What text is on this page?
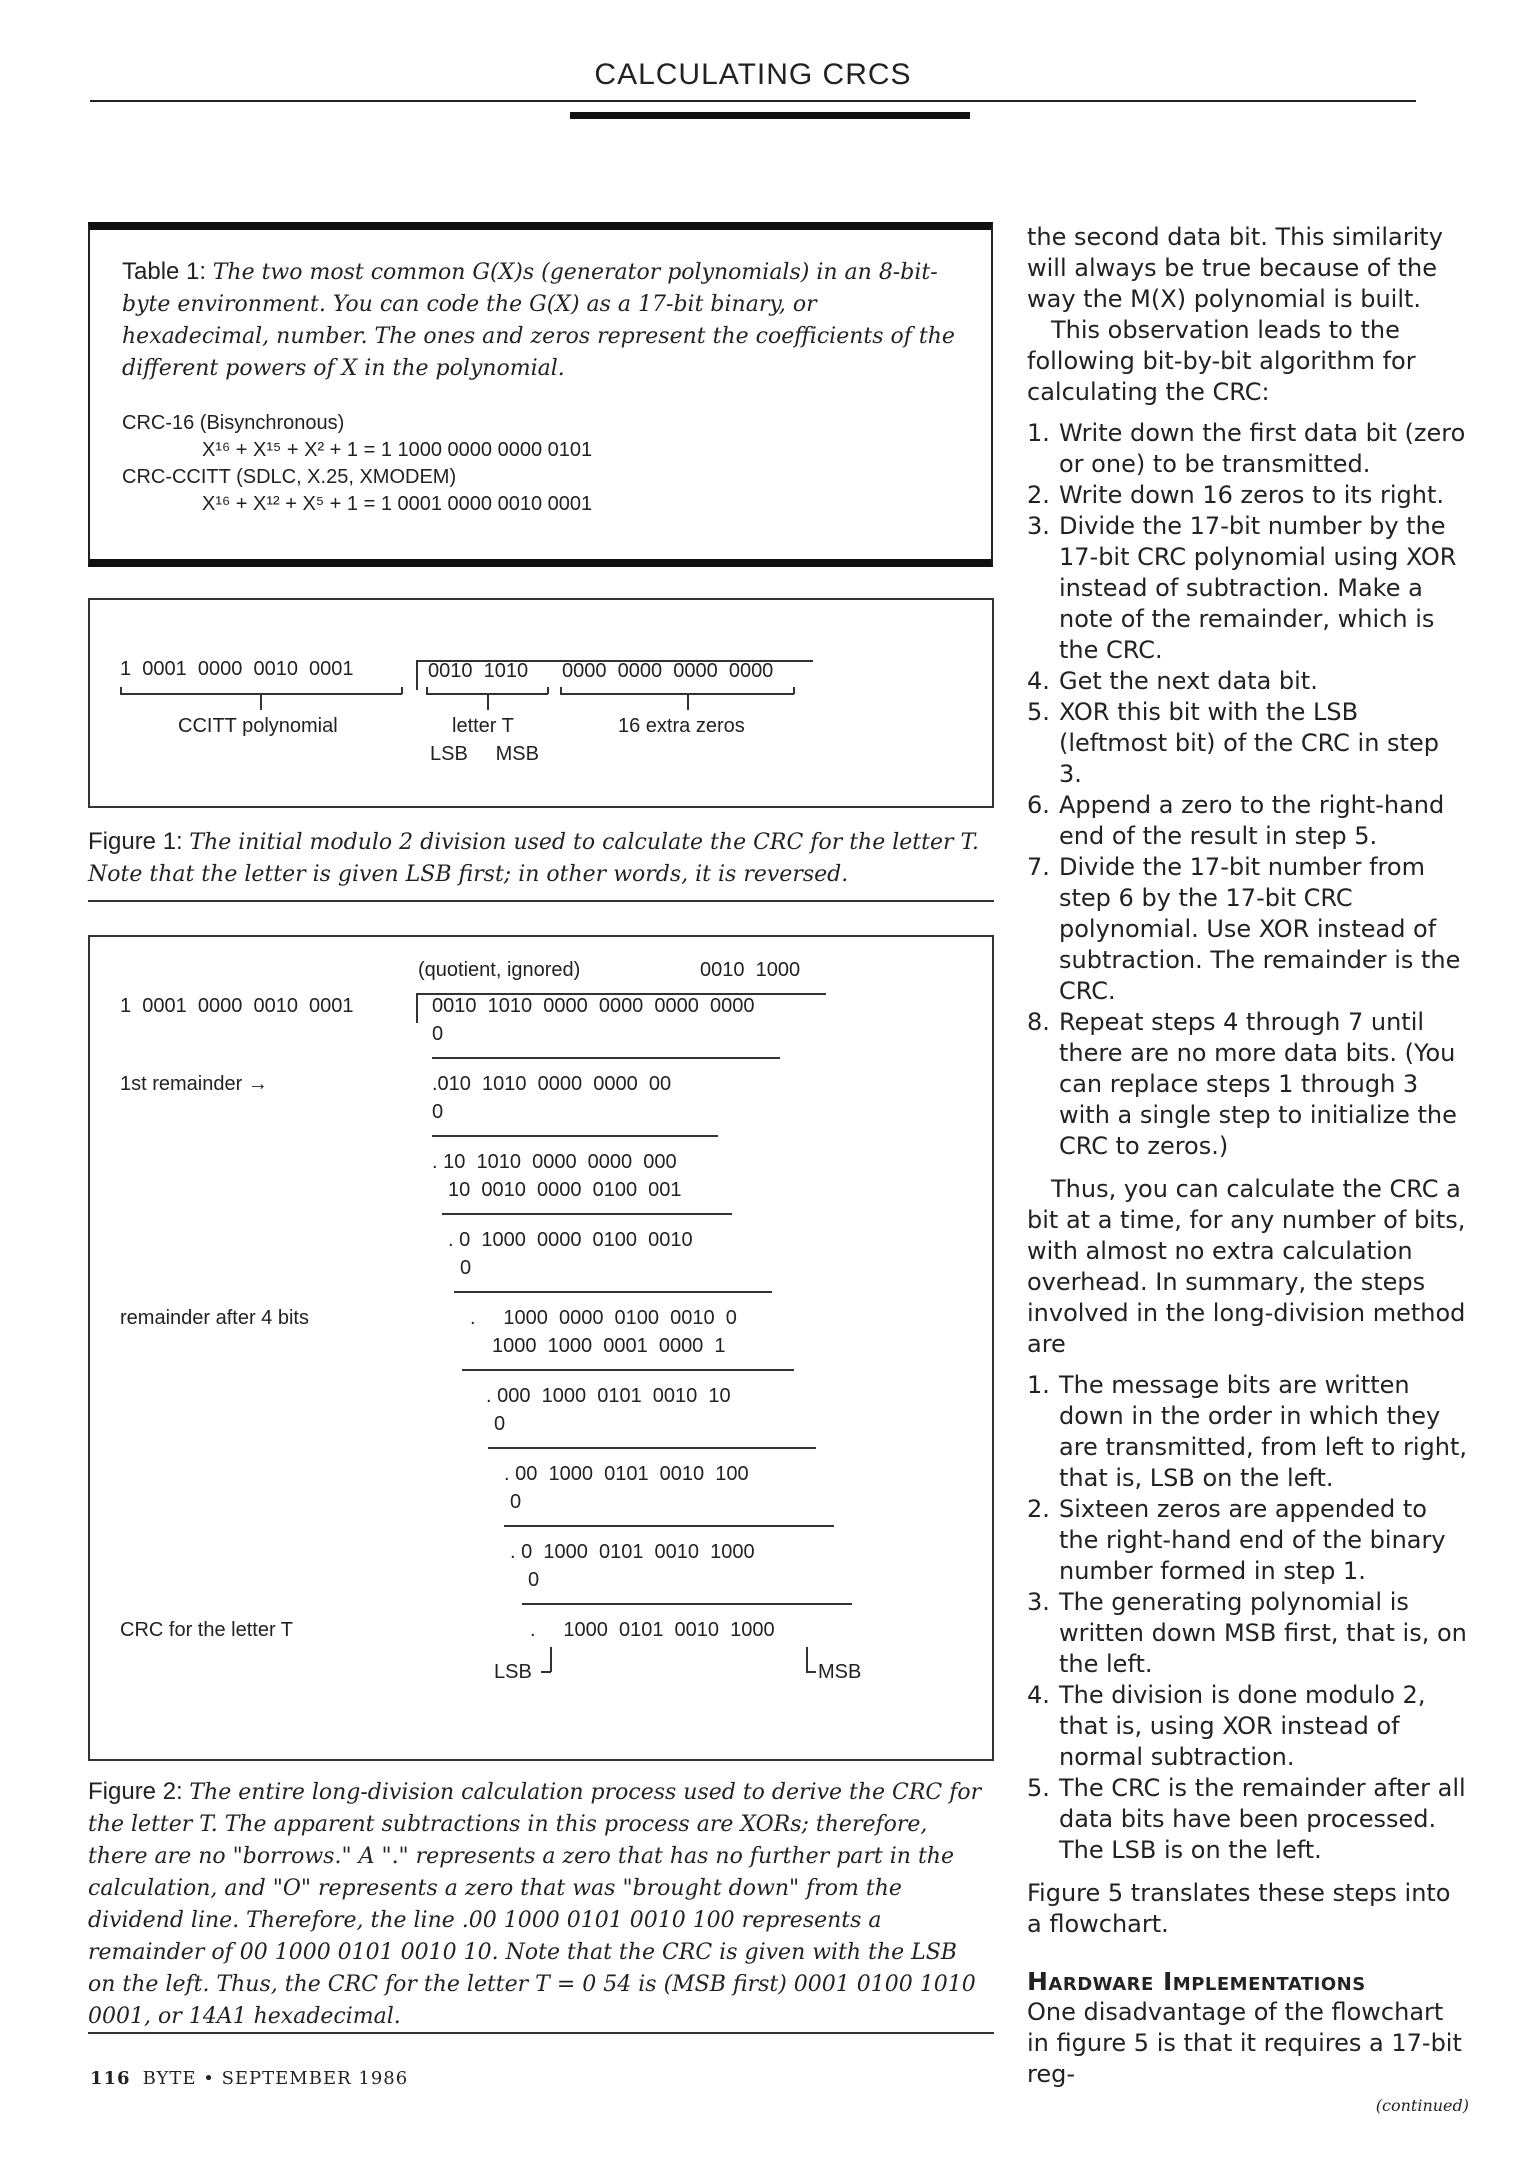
CALCULATING CRCS
Table 1: The two most common G(X)s (generator polynomials) in an 8-bit-byte environment. You can code the G(X) as a 17-bit binary, or hexadecimal, number. The ones and zeros represent the coefficients of the different powers of X in the polynomial.
CRC-16 (Bisynchronous)
X¹⁶ + X¹⁵ + X² + 1 = 1 1000 0000 0000 0101
CRC-CCITT (SDLC, X.25, XMODEM)
X¹⁶ + X¹² + X⁵ + 1 = 1 0001 0000 0010 0001
1  0001  0000  0010  0001	0010  1010 0000  0000  0000  0000
CCITT polynomial	letter T
LSB     MSB
16 extra zeros
Figure 1: The initial modulo 2 division used to calculate the CRC for the letter T. Note that the letter is given LSB first; in other words, it is reversed.
(quotient, ignored)	0010  1000
1  0001  0000  0010  0001	0010  1010  0000  0000  0000  0000
0
1st remainder →	.010  1010  0000  0000  00
0
. 10  1010  0000  0000  000
10  0010  0000  0100  001
. 0  1000  0000  0100  0010
0
remainder after 4 bits	.     1000  0000  0100  0010  0
1000  1000  0001  0000  1
. 000  1000  0101  0010  10
0
. 00  1000  0101  0010  100
0
. 0  1000  0101  0010  1000
0
CRC for the letter T	.     1000  0101  0010  1000
LSB	MSB
Figure 2: The entire long-division calculation process used to derive the CRC for the letter T. The apparent subtractions in this process are XORs; therefore, there are no "borrows." A "." represents a zero that has no further part in the calculation, and "O" represents a zero that was "brought down" from the dividend line. Therefore, the line .00 1000 0101 0010 100 represents a remainder of 00 1000 0101 0010 10. Note that the CRC is given with the LSB on the left. Thus, the CRC for the letter T = 0 54 is (MSB first) 0001 0100 1010 0001, or 14A1 hexadecimal.

the second data bit. This similarity will always be true because of the way the M(X) polynomial is built.

This observation leads to the following bit-by-bit algorithm for calculating the CRC:

1. Write down the first data bit (zero or one) to be transmitted.
2. Write down 16 zeros to its right.
3. Divide the 17-bit number by the 17-bit CRC polynomial using XOR instead of subtraction. Make a note of the remainder, which is the CRC.
4. Get the next data bit.
5. XOR this bit with the LSB (leftmost bit) of the CRC in step 3.
6. Append a zero to the right-hand end of the result in step 5.
7. Divide the 17-bit number from step 6 by the 17-bit CRC polynomial. Use XOR instead of subtraction. The remainder is the CRC.
8. Repeat steps 4 through 7 until there are no more data bits. (You can replace steps 1 through 3 with a single step to initialize the CRC to zeros.)

Thus, you can calculate the CRC a bit at a time, for any number of bits, with almost no extra calculation overhead. In summary, the steps involved in the long-division method are

1. The message bits are written down in the order in which they are transmitted, from left to right, that is, LSB on the left.
2. Sixteen zeros are appended to the right-hand end of the binary number formed in step 1.
3. The generating polynomial is written down MSB first, that is, on the left.
4. The division is done modulo 2, that is, using XOR instead of normal subtraction.
5. The CRC is the remainder after all data bits have been processed. The LSB is on the left.

Figure 5 translates these steps into a flowchart.

Hardware Implementations

One disadvantage of the flowchart in figure 5 is that it requires a 17-bit reg-

(continued)
116 BYTE • SEPTEMBER 1986
